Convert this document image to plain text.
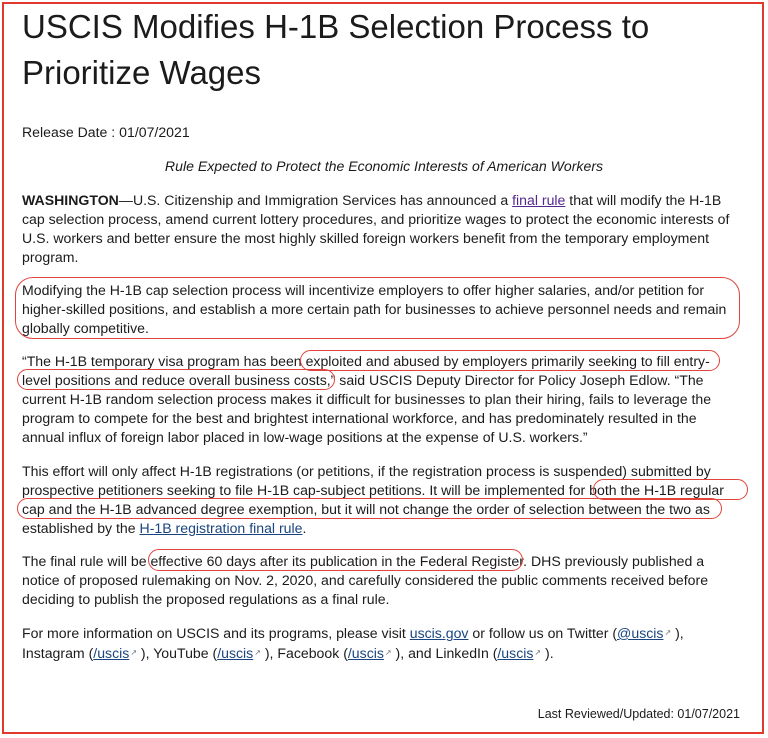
USCIS Modifies H-1B Selection Process to
Prioritize Wages
Release Date : 01/07/2021
Rule Expected to Protect the Economic Interests of American Workers
WASHINGTON—U.S. Citizenship and Immigration Services has announced a final rule that will modify the H-1B
cap selection process, amend current lottery procedures, and prioritize wages to protect the economic interests of
U.S. workers and better ensure the most highly skilled foreign workers benefit from the temporary employment
program.
Modifying the H-1B cap selection process will incentivize employers to offer higher salaries, and/or petition for
higher-skilled positions, and establish a more certain path for businesses to achieve personnel needs and remain
globally competitive.
“The H-1B temporary visa program has been exploited and abused by employers primarily seeking to fill entry-
level positions and reduce overall business costs,” said USCIS Deputy Director for Policy Joseph Edlow. “The
current H-1B random selection process makes it difficult for businesses to plan their hiring, fails to leverage the
program to compete for the best and brightest international workforce, and has predominately resulted in the
annual influx of foreign labor placed in low-wage positions at the expense of U.S. workers.”
This effort will only affect H-1B registrations (or petitions, if the registration process is suspended) submitted by
prospective petitioners seeking to file H-1B cap-subject petitions. It will be implemented for both the H-1B regular
cap and the H-1B advanced degree exemption, but it will not change the order of selection between the two as
established by the H-1B registration final rule.
The final rule will be effective 60 days after its publication in the Federal Register. DHS previously published a
notice of proposed rulemaking on Nov. 2, 2020, and carefully considered the public comments received before
deciding to publish the proposed regulations as a final rule.
For more information on USCIS and its programs, please visit uscis.gov or follow us on Twitter (@uscis↗ ),
Instagram (/uscis↗ ), YouTube (/uscis↗ ), Facebook (/uscis↗ ), and LinkedIn (/uscis↗ ).
Last Reviewed/Updated: 01/07/2021
